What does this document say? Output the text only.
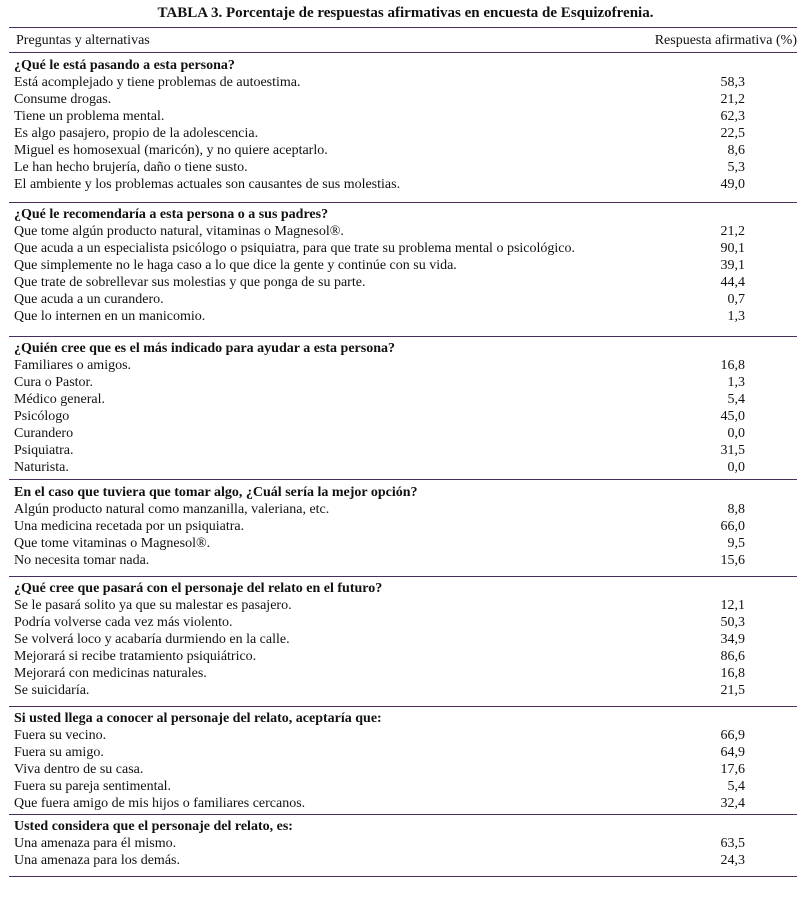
TABLA 3. Porcentaje de respuestas afirmativas en encuesta de Esquizofrenia.
Preguntas y alternativas	Respuesta afirmativa (%)
¿Qué le está pasando a esta persona?
Está acomplejado y tiene problemas de autoestima.	58,3
Consume drogas.	21,2
Tiene un problema mental.	62,3
Es algo pasajero, propio de la adolescencia.	22,5
Miguel es homosexual (maricón), y no quiere aceptarlo.	8,6
Le han hecho brujería, daño o tiene susto.	5,3
El ambiente y los problemas actuales son causantes de sus molestias.	49,0
¿Qué le recomendaría a esta persona o a sus padres?
Que tome algún producto natural, vitaminas o Magnesol®.	21,2
Que acuda a un especialista psicólogo o psiquiatra, para que trate su problema mental o psicológico.	90,1
Que simplemente no le haga caso a lo que dice la gente y continúe con su vida.	39,1
Que trate de sobrellevar sus molestias y que ponga de su parte.	44,4
Que acuda a un curandero.	0,7
Que lo internen en un manicomio.	1,3
¿Quién cree que es el más indicado para ayudar a esta persona?
Familiares o amigos.	16,8
Cura o Pastor.	1,3
Médico general.	5,4
Psicólogo	45,0
Curandero	0,0
Psiquiatra.	31,5
Naturista.	0,0
En el caso que tuviera que tomar algo, ¿Cuál sería la mejor opción?
Algún producto natural como manzanilla, valeriana, etc.	8,8
Una medicina recetada por un psiquiatra.	66,0
Que tome vitaminas o Magnesol®.	9,5
No necesita tomar nada.	15,6
¿Qué cree que pasará con el personaje del relato en el futuro?
Se le pasará solito ya que su malestar es pasajero.	12,1
Podría volverse cada vez más violento.	50,3
Se volverá loco y acabaría durmiendo en la calle.	34,9
Mejorará si recibe tratamiento psiquiátrico.	86,6
Mejorará con medicinas naturales.	16,8
Se suicidaría.	21,5
Si usted llega a conocer al personaje del relato, aceptaría que:
Fuera su vecino.	66,9
Fuera su amigo.	64,9
Viva dentro de su casa.	17,6
Fuera su pareja sentimental.	5,4
Que fuera amigo de mis hijos o familiares cercanos.	32,4
Usted considera que el personaje del relato, es:
Una amenaza para él mismo.	63,5
Una amenaza para los demás.	24,3
